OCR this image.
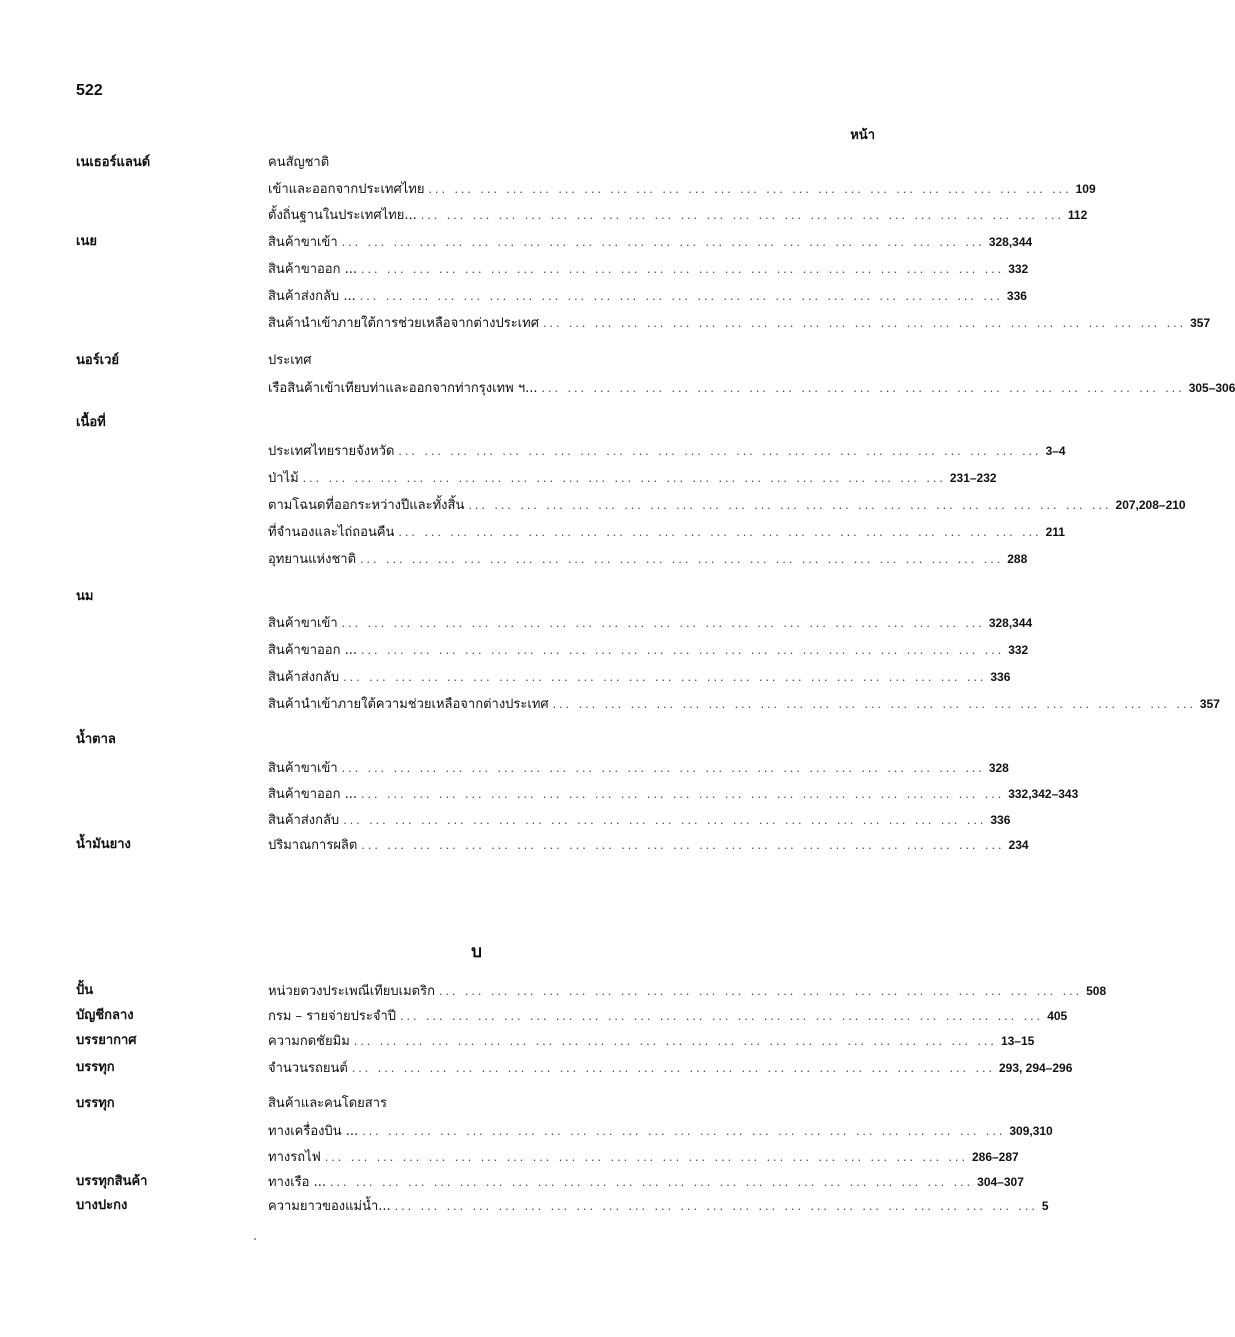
522
หน้า
เนเธอร์แลนด์
เนย
นอร์เวย์
เนื้อที่
นม
น้ำตาล
น้ำมันยาง
ปั้น
บัญชีกลาง
บรรยากาศ
บรรทุก
บรรทุก
บรรทุกสินค้า
บางปะกง
คนสัญชาติ
ประเทศ
สินค้าและคนโดยสาร
เข้าและออกจากประเทศไทย ... ... ... ... ... ... ... ... ... ... ... ... ... ... ... ... ... ... ... ... ... ... ... ... ... 109
ตั้งถิ่นฐานในประเทศไทย... ... ... ... ... ... ... ... ... ... ... ... ... ... ... ... ... ... ... ... ... ... ... ... ... ... 112
สินค้าขาเข้า ... ... ... ... ... ... ... ... ... ... ... ... ... ... ... ... ... ... ... ... ... ... ... ... ... 328,344
สินค้าขาออก ... ... ... ... ... ... ... ... ... ... ... ... ... ... ... ... ... ... ... ... ... ... ... ... ... ... 332
สินค้าส่งกลับ ... ... ... ... ... ... ... ... ... ... ... ... ... ... ... ... ... ... ... ... ... ... ... ... ... ... 336
สินค้านำเข้าภายใต้การช่วยเหลือจากต่างประเทศ ... ... ... ... ... ... ... ... ... ... ... ... ... ... ... ... ... ... ... ... ... ... ... ... ... 357
เรือสินค้าเข้าเทียบท่าและออกจากท่ากรุงเทพ ฯ... ... ... ... ... ... ... ... ... ... ... ... ... ... ... ... ... ... ... ... ... ... ... ... ... ... 305–306
ประเทศไทยรายจังหวัด ... ... ... ... ... ... ... ... ... ... ... ... ... ... ... ... ... ... ... ... ... ... ... ... ... 3–4
ป่าไม้ ... ... ... ... ... ... ... ... ... ... ... ... ... ... ... ... ... ... ... ... ... ... ... ... ... 231–232
ตามโฉนดที่ออกระหว่างปีและทั้งสิ้น ... ... ... ... ... ... ... ... ... ... ... ... ... ... ... ... ... ... ... ... ... ... ... ... ... 207,208–210
ที่จำนองและไถ่ถอนคืน ... ... ... ... ... ... ... ... ... ... ... ... ... ... ... ... ... ... ... ... ... ... ... ... ... 211
อุทยานแห่งชาติ ... ... ... ... ... ... ... ... ... ... ... ... ... ... ... ... ... ... ... ... ... ... ... ... ... 288
สินค้าขาเข้า ... ... ... ... ... ... ... ... ... ... ... ... ... ... ... ... ... ... ... ... ... ... ... ... ... 328,344
สินค้าขาออก ... ... ... ... ... ... ... ... ... ... ... ... ... ... ... ... ... ... ... ... ... ... ... ... ... ... 332
สินค้าส่งกลับ ... ... ... ... ... ... ... ... ... ... ... ... ... ... ... ... ... ... ... ... ... ... ... ... ... 336
สินค้านำเข้าภายใต้ความช่วยเหลือจากต่างประเทศ ... ... ... ... ... ... ... ... ... ... ... ... ... ... ... ... ... ... ... ... ... ... ... ... ... 357
สินค้าขาเข้า ... ... ... ... ... ... ... ... ... ... ... ... ... ... ... ... ... ... ... ... ... ... ... ... ... 328
สินค้าขาออก ... ... ... ... ... ... ... ... ... ... ... ... ... ... ... ... ... ... ... ... ... ... ... ... ... ... 332,342–343
สินค้าส่งกลับ ... ... ... ... ... ... ... ... ... ... ... ... ... ... ... ... ... ... ... ... ... ... ... ... ... 336
ปริมาณการผลิต ... ... ... ... ... ... ... ... ... ... ... ... ... ... ... ... ... ... ... ... ... ... ... ... ... 234
บ
หน่วยตวงประเพณีเทียบเมตริก ... ... ... ... ... ... ... ... ... ... ... ... ... ... ... ... ... ... ... ... ... ... ... ... ... 508
กรม – รายจ่ายประจำปี ... ... ... ... ... ... ... ... ... ... ... ... ... ... ... ... ... ... ... ... ... ... ... ... ... 405
ความกดชัยมิม ... ... ... ... ... ... ... ... ... ... ... ... ... ... ... ... ... ... ... ... ... ... ... ... ... 13–15
จำนวนรถยนต์ ... ... ... ... ... ... ... ... ... ... ... ... ... ... ... ... ... ... ... ... ... ... ... ... ... 293, 294–296
ทางเครื่องบิน ... ... ... ... ... ... ... ... ... ... ... ... ... ... ... ... ... ... ... ... ... ... ... ... ... ... 309,310
ทางรถไฟ ... ... ... ... ... ... ... ... ... ... ... ... ... ... ... ... ... ... ... ... ... ... ... ... ... 286–287
ทางเรือ ... ... ... ... ... ... ... ... ... ... ... ... ... ... ... ... ... ... ... ... ... ... ... ... ... ... 304–307
ความยาวของแม่น้ำ... ... ... ... ... ... ... ... ... ... ... ... ... ... ... ... ... ... ... ... ... ... ... ... ... ... 5
